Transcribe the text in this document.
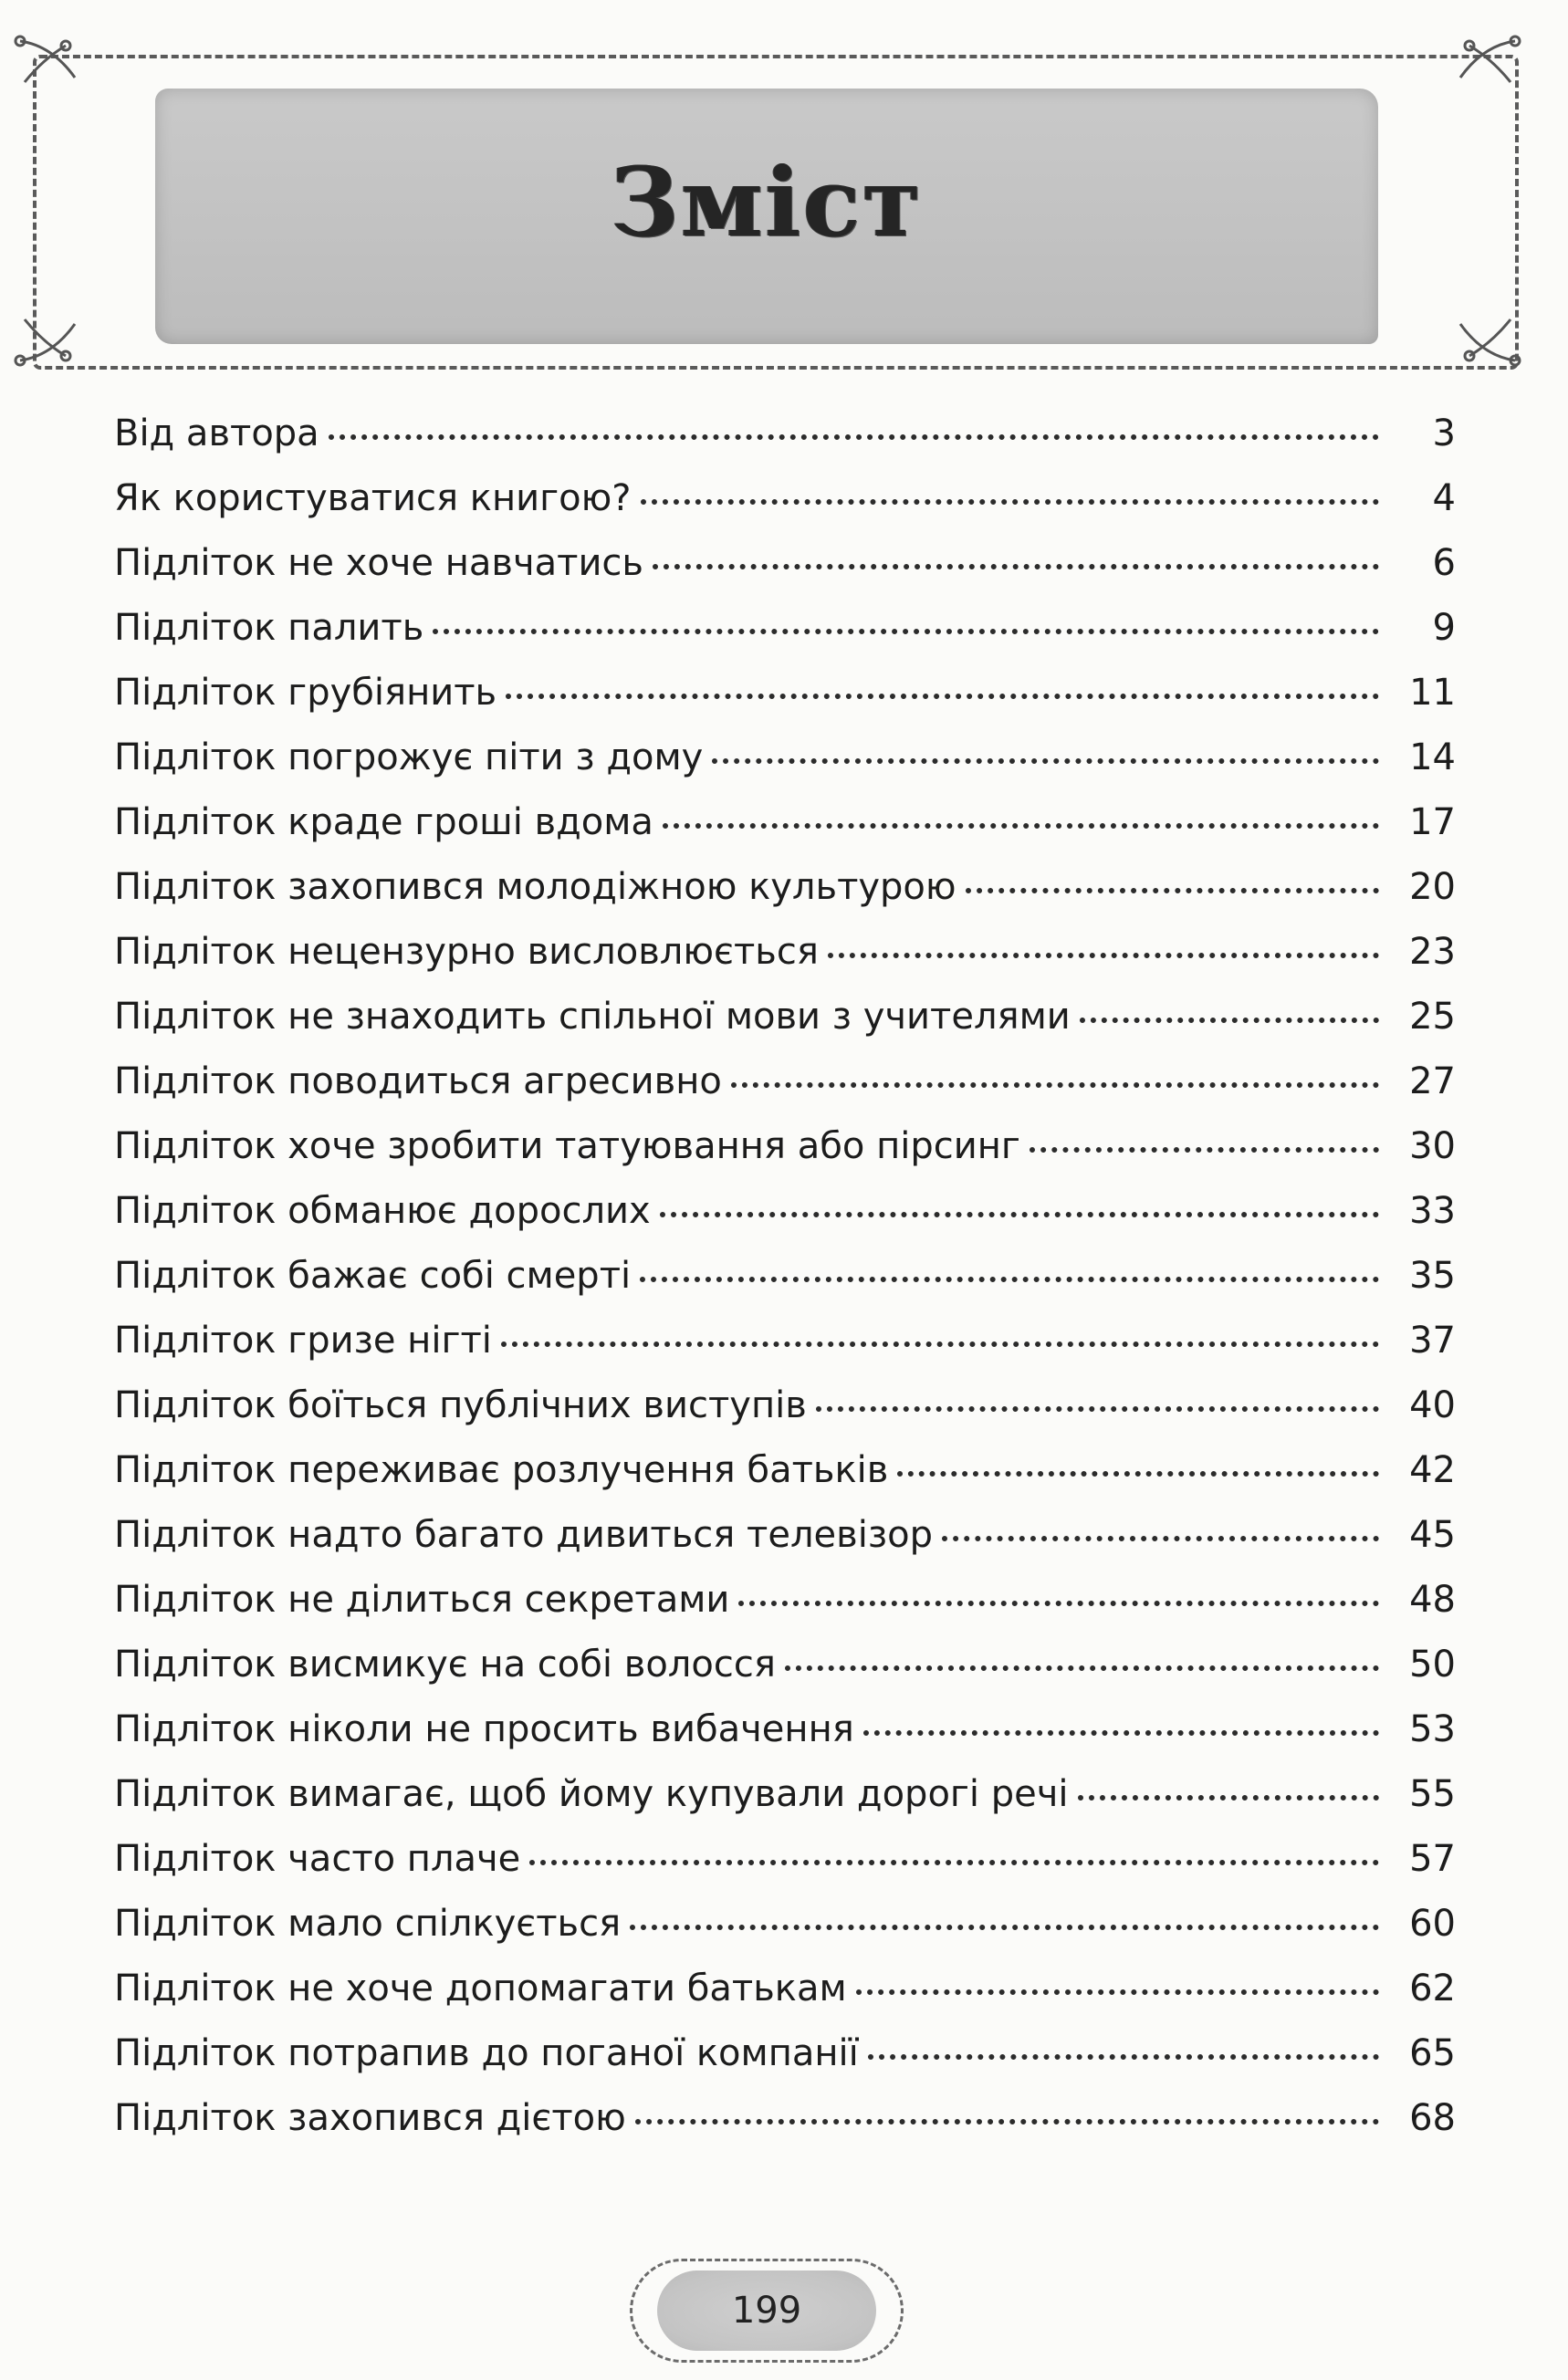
Зміст
Від автора	3
Як користуватися книгою?	4
Підліток не хоче навчатись	6
Підліток палить	9
Підліток грубіянить	11
Підліток погрожує піти з дому	14
Підліток краде гроші вдома	17
Підліток захопився молодіжною культурою	20
Підліток нецензурно висловлюється	23
Підліток не знаходить спільної мови з учителями	25
Підліток поводиться агресивно	27
Підліток хоче зробити татуювання або пірсинг	30
Підліток обманює дорослих	33
Підліток бажає собі смерті	35
Підліток гризе нігті	37
Підліток боїться публічних виступів	40
Підліток переживає розлучення батьків	42
Підліток надто багато дивиться телевізор	45
Підліток не ділиться секретами	48
Підліток висмикує на собі волосся	50
Підліток ніколи не просить вибачення	53
Підліток вимагає, щоб йому купували дорогі речі	55
Підліток часто плаче	57
Підліток мало спілкується	60
Підліток не хоче допомагати батькам	62
Підліток потрапив до поганої компанії	65
Підліток захопився дієтою	68
199
